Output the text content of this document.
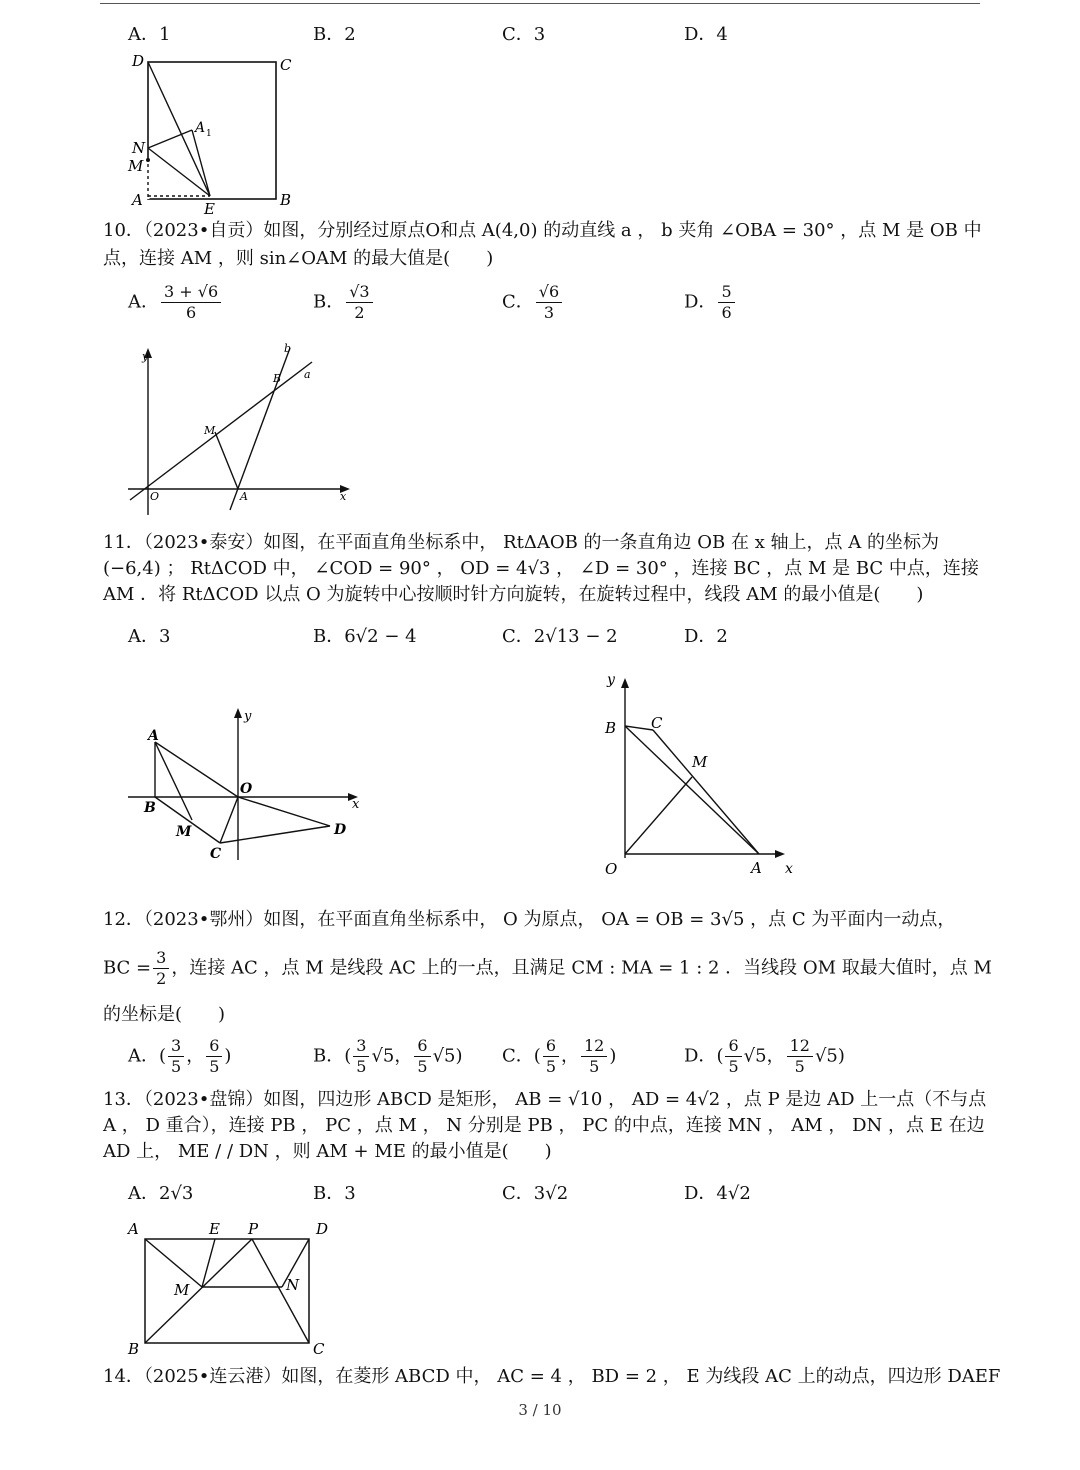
A．1	B．2	C．3	D．4
D	C
N
A 1
M
A	E	B
10．（2023•自贡）如图，分别经过原点O和点 A(4,0) 的动直线 a ， b 夹角 ∠OBA = 30° ，点 M 是 OB 中
点，连接 AM ，则 sin∠OAM 的最大值是(　　)
A． $\frac{3 + √6}{6}$	B． $\frac{√3}{2}$	C． $\frac{√6}{3}$	D． $\frac{5}{6}$
y
b
B a
M
O	A	x
11．（2023•泰安）如图，在平面直角坐标系中， RtΔAOB 的一条直角边 OB 在 x 轴上，点 A 的坐标为
(−6,4) ； RtΔCOD 中， ∠COD = 90° ， OD = 4√3 ， ∠D = 30° ，连接 BC ，点 M 是 BC 中点，连接
AM ．将 RtΔCOD 以点 O 为旋转中心按顺时针方向旋转，在旋转过程中，线段 AM 的最小值是(　　)
A．3	B．6√2 − 4	C．2√13 − 2	D．2
y
A
O
x
B
M	D
C
y
B C
M
O	A x
12．（2023•鄂州）如图，在平面直角坐标系中， O 为原点， OA = OB = 3√5 ，点 C 为平面内一动点，
BC = $\frac{3}{2}$ ，连接 AC ，点 M 是线段 AC 上的一点，且满足 CM : MA = 1 : 2 ．当线段 OM 取最大值时，点 M
的坐标是(　　)
A．( $\frac{3}{5}$ ， $\frac{6}{5}$ )	B．( $\frac{3}{5} √5$， $\frac{6}{5} √5$) C．( $\frac{6}{5}$ ， $\frac{12}{5}$ )	D．( $\frac{6}{5} √5$， $\frac{12}{5} √5$)
13．（2023•盘锦）如图，四边形 ABCD 是矩形， AB = √10 ， AD = 4√2 ，点 P 是边 AD 上一点（不与点
A ， D 重合），连接 PB ， PC ，点 M ， N 分别是 PB ， PC 的中点，连接 MN ， AM ， DN ，点 E 在边
AD 上， ME / / DN ，则 AM + ME 的最小值是(　　)
A．2√3	B．3	C．3√2	D．4√2
A	E P	D
M	N
B	C
14．（2025•连云港）如图，在菱形 ABCD 中， AC = 4 ， BD = 2 ， E 为线段 AC 上的动点，四边形 DAEF
3 / 10
